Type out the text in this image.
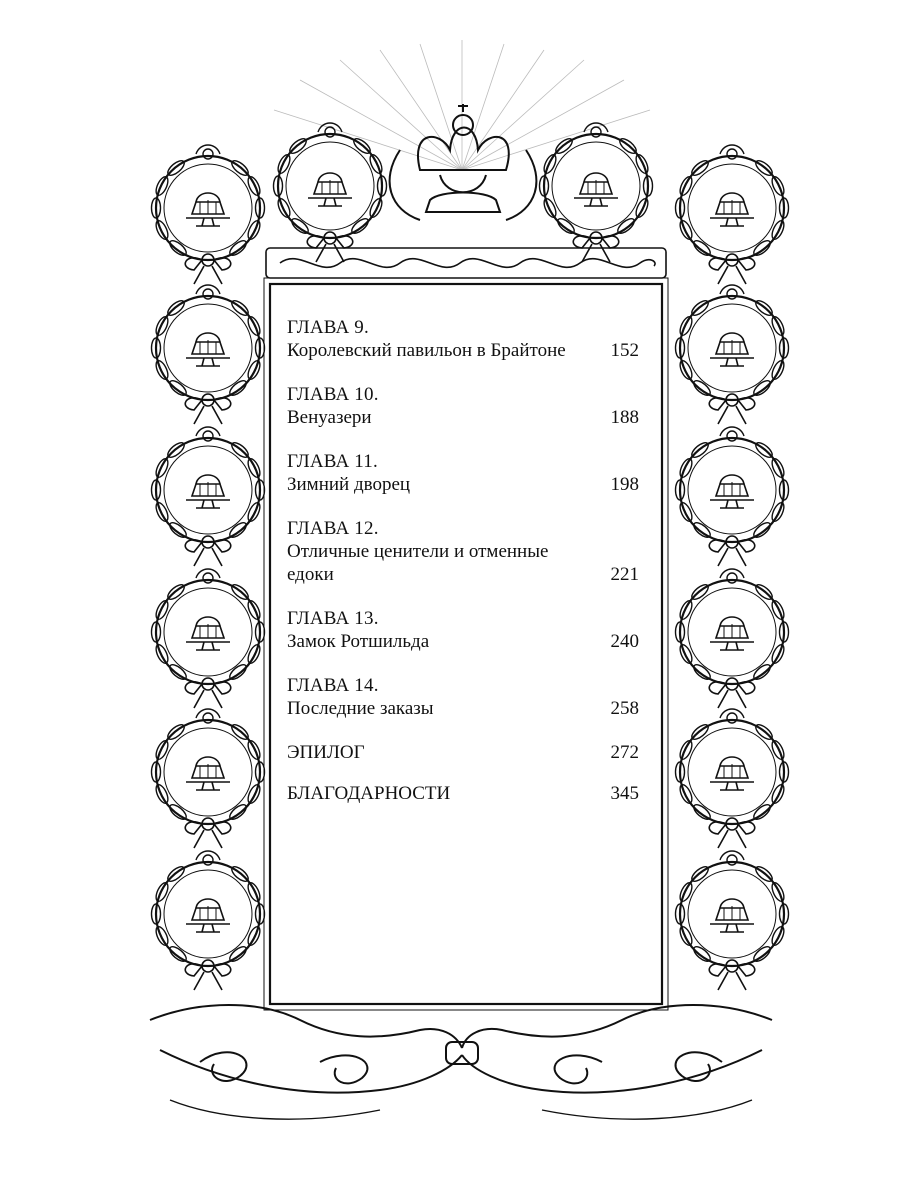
ГЛАВА 9.
Королевский павильон в Брайтоне	152
ГЛАВА 10.
Венуазери	188
ГЛАВА 11.
Зимний дворец	198
ГЛАВА 12.
Отличные ценители и отменные едоки	221
ГЛАВА 13.
Замок Ротшильда	240
ГЛАВА 14.
Последние заказы	258
ЭПИЛОГ	272
БЛАГОДАРНОСТИ	345
